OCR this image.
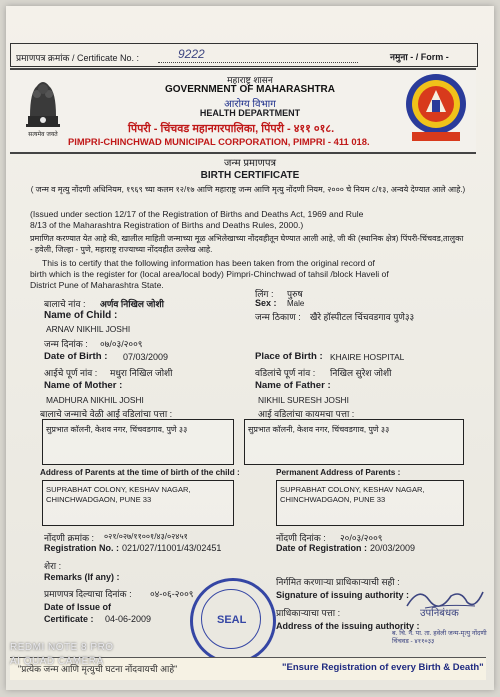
प्रमाणपत्र क्रमांक / Certificate No. :	9222	नमुना - / Form -
सत्यमेव जयते
महाराष्ट्र शासन
GOVERNMENT OF MAHARASHTRA
आरोग्य विभाग
HEALTH DEPARTMENT
पिंपरी - चिंचवड महानगरपालिका, पिंपरी - ४११ ०१८.
PIMPRI-CHINCHWAD MUNICIPAL CORPORATION, PIMPRI - 411 018.
जन्म प्रमाणपत्र
BIRTH CERTIFICATE
( जन्म व मृत्यु नोंदणी अधिनियम, १९६९ च्या कलम १२/१७ आणि महाराष्ट्र जन्म आणि मृत्यु नोंदणी नियम, २००० चे नियम ८/१३, अन्वये देण्यात आले आहे.)
(Issued under section 12/17 of the Registration of Births and Deaths Act, 1969 and Rule
8/13 of the Maharashtra Registration of Births and Deaths Rules, 2000.)
प्रमाणित करण्यात येत आहे की, खालील माहिती जन्माच्या मूळ अभिलेखाच्या नोंदवहीतून घेण्यात आली आहे, जी की (स्थानिक क्षेत्र) पिंपरी-चिंचवड,तालुका - हवेली, जिल्हा - पुणे, महाराष्ट्र राज्याच्या नोंदवहीत उल्लेख आहे.
This is to certify that the following information has been taken from the original record of
birth which is the register for (local area/local body) Pimpri-Chinchwad of tahsil /block Haveli of
District Pune of Maharashtra State.
बालाचे नांव : अर्णव निखिल जोशी
लिंग : पुरुष
Sex : Male
Name of Child :	जन्म ठिकाण : खैरे हॉस्पीटल चिंचवडगाव पुणे३३
ARNAV NIKHIL JOSHI
जन्म दिनांक : ०७/०३/२००९
Date of Birth : 07/03/2009	Place of Birth : KHAIRE HOSPITAL
आईचे पूर्ण नांव : मधुरा निखिल जोशी	वडिलांचे पूर्ण नांव : निखिल सुरेश जोशी
Name of Mother :	Name of Father :
MADHURA NIKHIL JOSHI	NIKHIL SURESH JOSHI
बालाचे जन्माचे वेळी आई वडिलांचा पत्ता :	आई वडिलांचा कायमचा पत्ता :
सुप्रभात कॉलनी, केशव नगर, चिंचवडगाव, पुणे ३३	सुप्रभात कॉलनी, केशव नगर, चिंचवडगाव, पुणे ३३
Address of Parents at the time of birth of the child :	Permanent Address of Parents :
SUPRABHAT COLONY, KESHAV NAGAR, CHINCHWADGAON, PUNE 33
SUPRABHAT COLONY, KESHAV NAGAR, CHINCHWADGAON, PUNE 33
नोंदणी क्रमांक : ०२१/०२७/११००१/४३/०२४५१	नोंदणी दिनांक : २०/०३/२००९
Registration No. : 021/027/11001/43/02451	Date of Registration : 20/03/2009
शेरा :
Remarks (If any) :	निर्गमित करणाऱ्या प्राधिकाऱ्याची सही :
Signature of issuing authority :
प्रमाणपत्र दिल्याचा दिनांक : ०४-०६-२००९
Date of Issue of
Certificate : 04-06-2009
प्राधिकाऱ्याचा पत्ता :
Address of the issuing authority :
उपनिबंधक
ब. चि. न. पा. ता. हवेली जन्म-मृत्यु नोंदणी चिंचवड - ४११०३३
SEAL
"प्रत्येक जन्म आणि मृत्युची घटना नोंदवायची आहे"	"Ensure Registration of every Birth & Death"
REDMI NOTE 8 PRO
AI QUAD CAMERA
